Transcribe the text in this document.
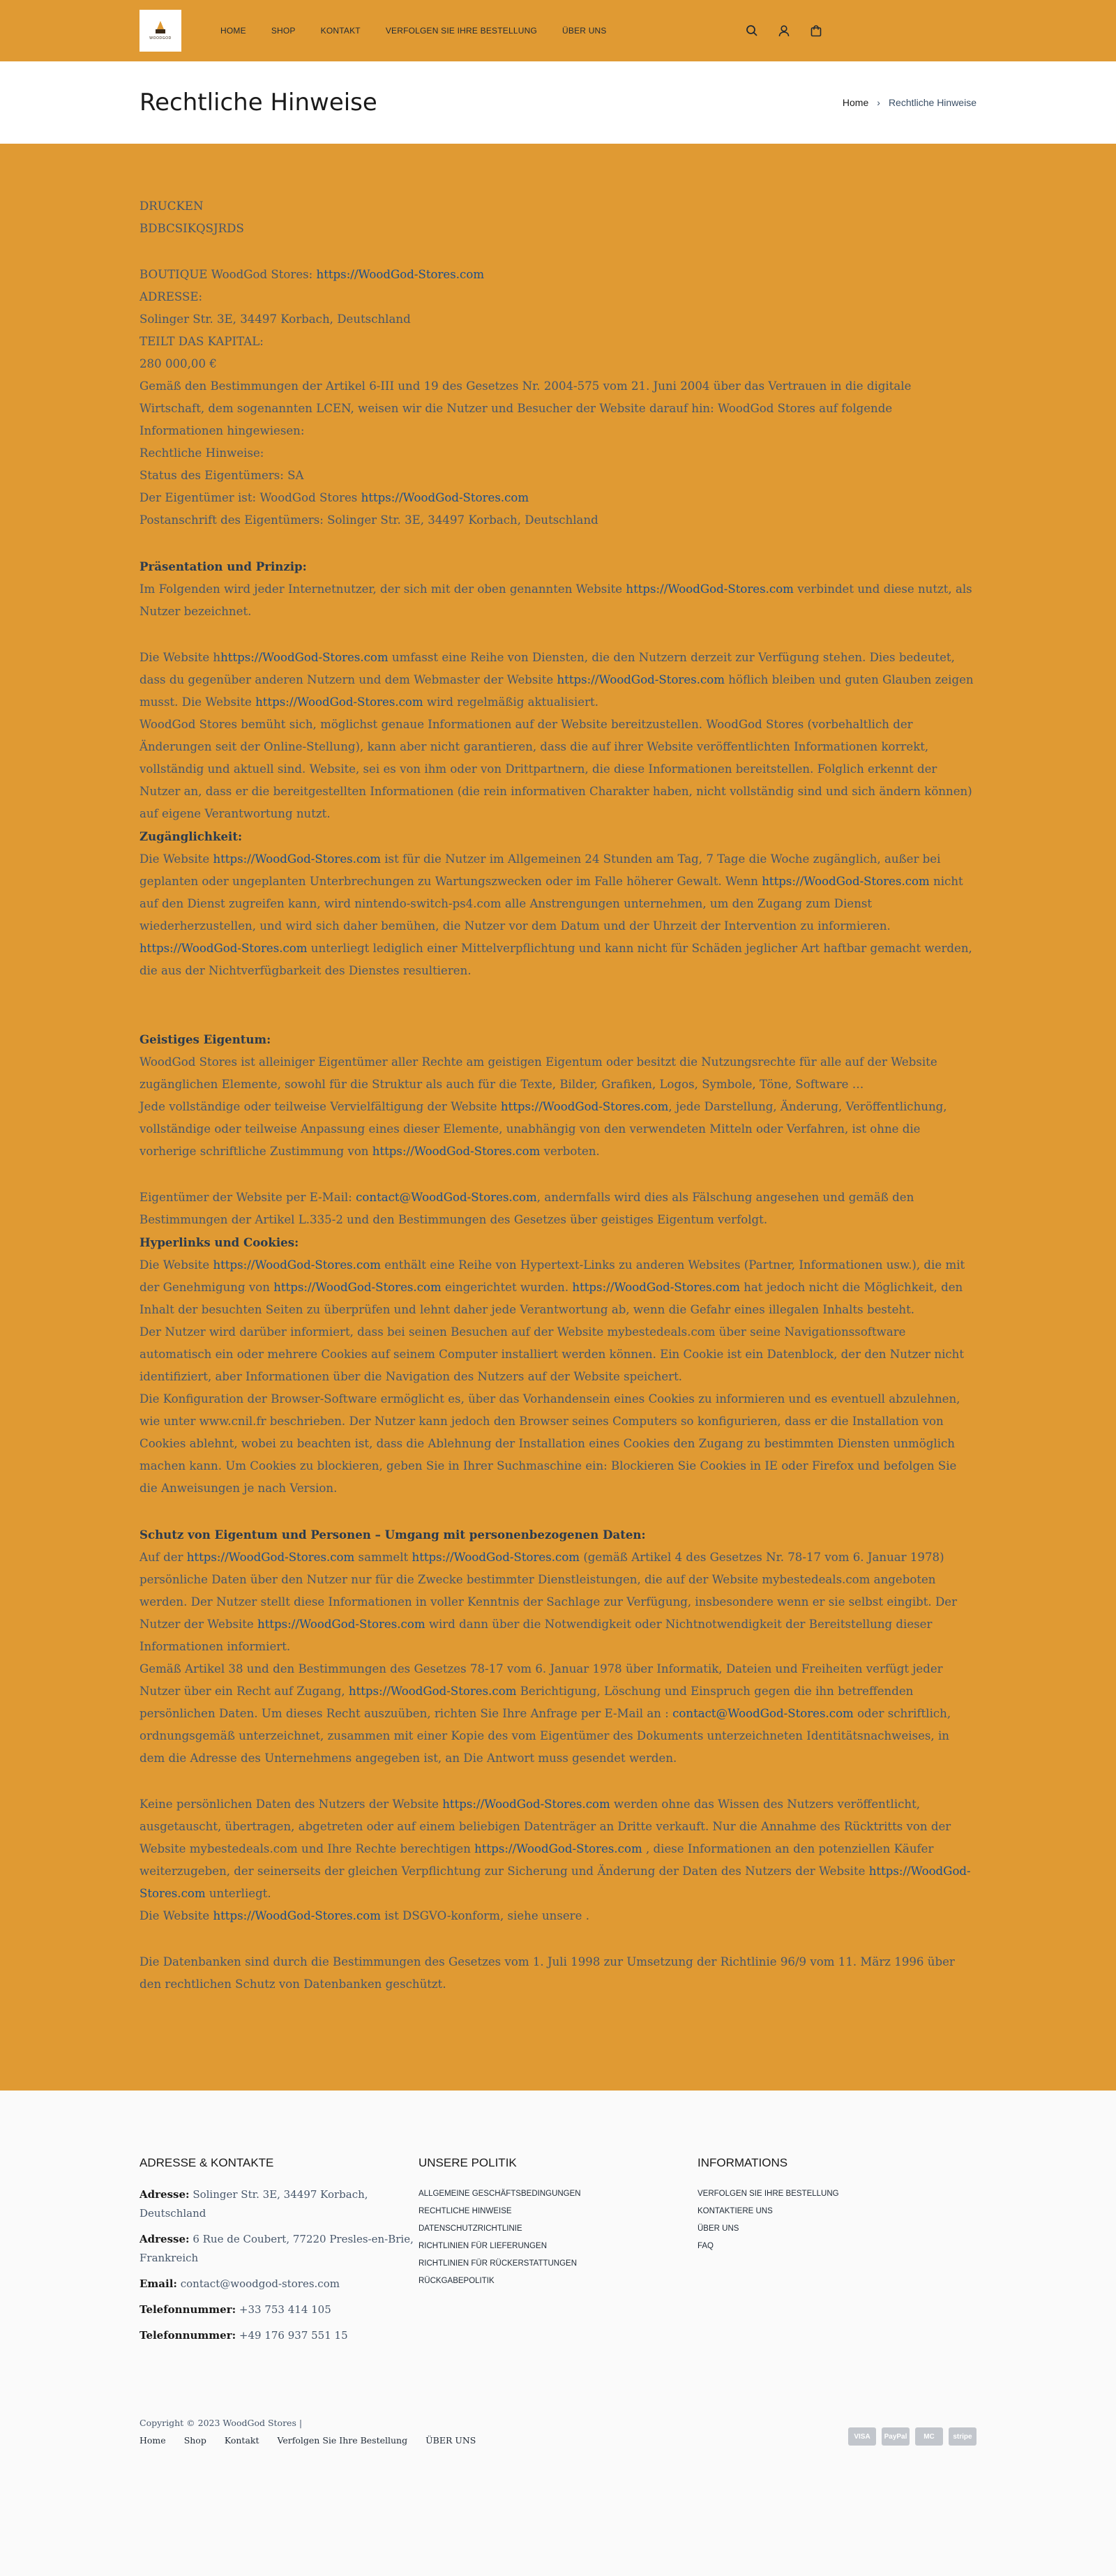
WOODGOD
HOME	SHOP	KONTAKT	VERFOLGEN SIE IHRE BESTELLUNG	ÜBER UNS
Rechtliche Hinweise	Home › Rechtliche Hinweise

DRUCKEN

BDBCSIKQSJRDS

BOUTIQUE WoodGod Stores: https://WoodGod-Stores.com

ADRESSE:

Solinger Str. 3E, 34497 Korbach, Deutschland

TEILT DAS KAPITAL:

280 000,00 €

Gemäß den Bestimmungen der Artikel 6-III und 19 des Gesetzes Nr. 2004-575 vom 21. Juni 2004 über das Vertrauen in die digitale Wirtschaft, dem sogenannten LCEN, weisen wir die Nutzer und Besucher der Website darauf hin: WoodGod Stores auf folgende Informationen hingewiesen:

Rechtliche Hinweise:

Status des Eigentümers: SA

Der Eigentümer ist: WoodGod Stores https://WoodGod-Stores.com

Postanschrift des Eigentümers: Solinger Str. 3E, 34497 Korbach, Deutschland

Präsentation und Prinzip:

Im Folgenden wird jeder Internetnutzer, der sich mit der oben genannten Website https://WoodGod-Stores.com verbindet und diese nutzt, als Nutzer bezeichnet.

Die Website hhttps://WoodGod-Stores.com umfasst eine Reihe von Diensten, die den Nutzern derzeit zur Verfügung stehen. Dies bedeutet, dass du gegenüber anderen Nutzern und dem Webmaster der Website https://WoodGod-Stores.com höflich bleiben und guten Glauben zeigen musst. Die Website https://WoodGod-Stores.com wird regelmäßig aktualisiert.

WoodGod Stores bemüht sich, möglichst genaue Informationen auf der Website bereitzustellen. WoodGod Stores (vorbehaltlich der Änderungen seit der Online-Stellung), kann aber nicht garantieren, dass die auf ihrer Website veröffentlichten Informationen korrekt, vollständig und aktuell sind. Website, sei es von ihm oder von Drittpartnern, die diese Informationen bereitstellen. Folglich erkennt der Nutzer an, dass er die bereitgestellten Informationen (die rein informativen Charakter haben, nicht vollständig sind und sich ändern können) auf eigene Verantwortung nutzt.

Zugänglichkeit:

Die Website https://WoodGod-Stores.com ist für die Nutzer im Allgemeinen 24 Stunden am Tag, 7 Tage die Woche zugänglich, außer bei geplanten oder ungeplanten Unterbrechungen zu Wartungszwecken oder im Falle höherer Gewalt. Wenn https://WoodGod-Stores.com nicht auf den Dienst zugreifen kann, wird nintendo-switch-ps4.com alle Anstrengungen unternehmen, um den Zugang zum Dienst wiederherzustellen, und wird sich daher bemühen, die Nutzer vor dem Datum und der Uhrzeit der Intervention zu informieren. https://WoodGod-Stores.com unterliegt lediglich einer Mittelverpflichtung und kann nicht für Schäden jeglicher Art haftbar gemacht werden, die aus der Nichtverfügbarkeit des Dienstes resultieren.

Geistiges Eigentum:

WoodGod Stores ist alleiniger Eigentümer aller Rechte am geistigen Eigentum oder besitzt die Nutzungsrechte für alle auf der Website zugänglichen Elemente, sowohl für die Struktur als auch für die Texte, Bilder, Grafiken, Logos, Symbole, Töne, Software …

Jede vollständige oder teilweise Vervielfältigung der Website https://WoodGod-Stores.com, jede Darstellung, Änderung, Veröffentlichung, vollständige oder teilweise Anpassung eines dieser Elemente, unabhängig von den verwendeten Mitteln oder Verfahren, ist ohne die vorherige schriftliche Zustimmung von https://WoodGod-Stores.com verboten.

Eigentümer der Website per E-Mail: contact@WoodGod-Stores.com, andernfalls wird dies als Fälschung angesehen und gemäß den Bestimmungen der Artikel L.335-2 und den Bestimmungen des Gesetzes über geistiges Eigentum verfolgt.

Hyperlinks und Cookies:

Die Website https://WoodGod-Stores.com enthält eine Reihe von Hypertext-Links zu anderen Websites (Partner, Informationen usw.), die mit der Genehmigung von https://WoodGod-Stores.com eingerichtet wurden. https://WoodGod-Stores.com hat jedoch nicht die Möglichkeit, den Inhalt der besuchten Seiten zu überprüfen und lehnt daher jede Verantwortung ab, wenn die Gefahr eines illegalen Inhalts besteht.

Der Nutzer wird darüber informiert, dass bei seinen Besuchen auf der Website mybestedeals.com über seine Navigationssoftware automatisch ein oder mehrere Cookies auf seinem Computer installiert werden können. Ein Cookie ist ein Datenblock, der den Nutzer nicht identifiziert, aber Informationen über die Navigation des Nutzers auf der Website speichert.

Die Konfiguration der Browser-Software ermöglicht es, über das Vorhandensein eines Cookies zu informieren und es eventuell abzulehnen, wie unter www.cnil.fr beschrieben. Der Nutzer kann jedoch den Browser seines Computers so konfigurieren, dass er die Installation von Cookies ablehnt, wobei zu beachten ist, dass die Ablehnung der Installation eines Cookies den Zugang zu bestimmten Diensten unmöglich machen kann. Um Cookies zu blockieren, geben Sie in Ihrer Suchmaschine ein: Blockieren Sie Cookies in IE oder Firefox und befolgen Sie die Anweisungen je nach Version.

Schutz von Eigentum und Personen – Umgang mit personenbezogenen Daten:

Auf der https://WoodGod-Stores.com sammelt https://WoodGod-Stores.com (gemäß Artikel 4 des Gesetzes Nr. 78-17 vom 6. Januar 1978) persönliche Daten über den Nutzer nur für die Zwecke bestimmter Dienstleistungen, die auf der Website mybestedeals.com angeboten werden. Der Nutzer stellt diese Informationen in voller Kenntnis der Sachlage zur Verfügung, insbesondere wenn er sie selbst eingibt. Der Nutzer der Website https://WoodGod-Stores.com wird dann über die Notwendigkeit oder Nichtnotwendigkeit der Bereitstellung dieser Informationen informiert.

Gemäß Artikel 38 und den Bestimmungen des Gesetzes 78-17 vom 6. Januar 1978 über Informatik, Dateien und Freiheiten verfügt jeder Nutzer über ein Recht auf Zugang, https://WoodGod-Stores.com Berichtigung, Löschung und Einspruch gegen die ihn betreffenden persönlichen Daten. Um dieses Recht auszuüben, richten Sie Ihre Anfrage per E-Mail an : contact@WoodGod-Stores.com oder schriftlich, ordnungsgemäß unterzeichnet, zusammen mit einer Kopie des vom Eigentümer des Dokuments unterzeichneten Identitätsnachweises, in dem die Adresse des Unternehmens angegeben ist, an Die Antwort muss gesendet werden.

Keine persönlichen Daten des Nutzers der Website https://WoodGod-Stores.com werden ohne das Wissen des Nutzers veröffentlicht, ausgetauscht, übertragen, abgetreten oder auf einem beliebigen Datenträger an Dritte verkauft. Nur die Annahme des Rücktritts von der Website mybestedeals.com und Ihre Rechte berechtigen https://WoodGod-Stores.com , diese Informationen an den potenziellen Käufer weiterzugeben, der seinerseits der gleichen Verpflichtung zur Sicherung und Änderung der Daten des Nutzers der Website https://WoodGod-Stores.com unterliegt.

Die Website https://WoodGod-Stores.com ist DSGVO-konform, siehe unsere .

Die Datenbanken sind durch die Bestimmungen des Gesetzes vom 1. Juli 1998 zur Umsetzung der Richtlinie 96/9 vom 11. März 1996 über den rechtlichen Schutz von Datenbanken geschützt.

ADRESSE & KONTAKTE

Adresse: Solinger Str. 3E, 34497 Korbach, Deutschland

Adresse: 6 Rue de Coubert, 77220 Presles-en-Brie, Frankreich

Email: contact@woodgod-stores.com

Telefonnummer: +33 753 414 105

Telefonnummer: +49 176 937 551 15

UNSERE POLITIK
ALLGEMEINE GESCHÄFTSBEDINGUNGEN
RECHTLICHE HINWEISE
DATENSCHUTZRICHTLINIE
RICHTLINIEN FÜR LIEFERUNGEN
RICHTLINIEN FÜR RÜCKERSTATTUNGEN
RÜCKGABEPOLITIK
INFORMATIONS
VERFOLGEN SIE IHRE BESTELLUNG
KONTAKTIERE UNS
ÜBER UNS
FAQ

Copyright © 2023 WoodGod Stores |

Home Shop Kontakt Verfolgen Sie Ihre Bestellung ÜBER UNS	VISA	PayPal	MC	stripe
